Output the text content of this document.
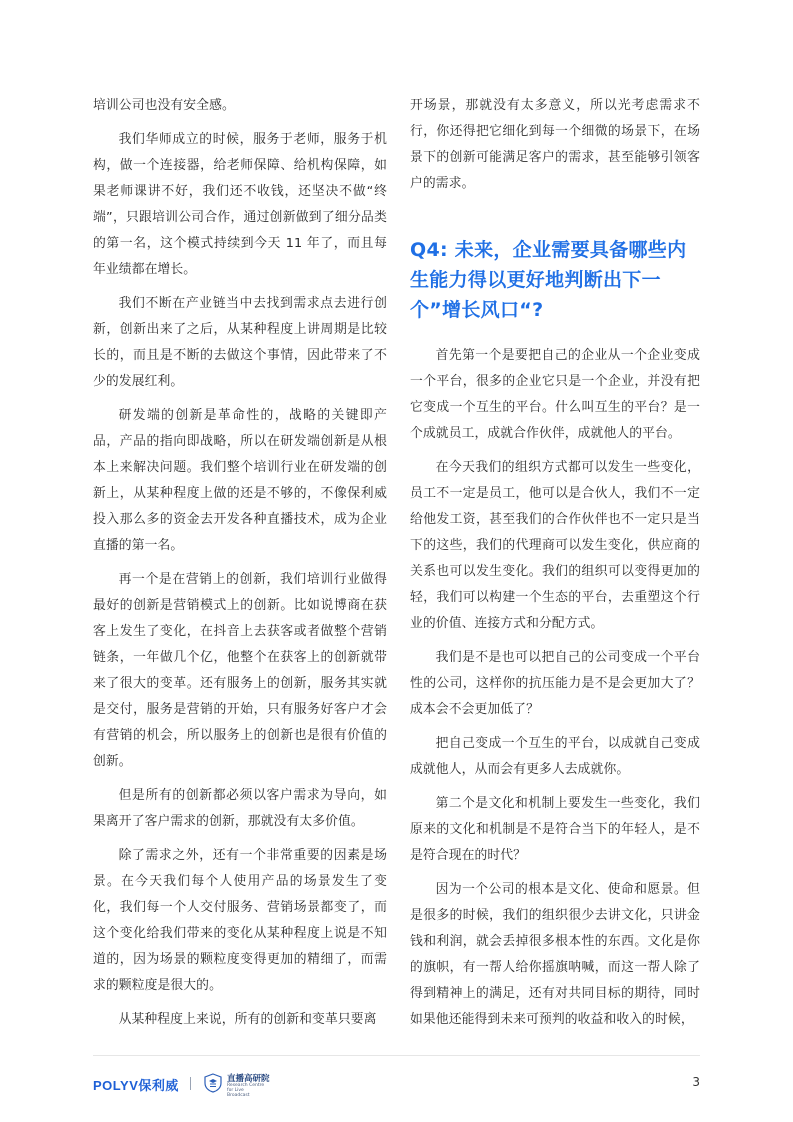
培训公司也没有安全感。

我们华师成立的时候，服务于老师，服务于机构，做一个连接器，给老师保障、给机构保障，如果老师课讲不好，我们还不收钱，还坚决不做“终端”，只跟培训公司合作，通过创新做到了细分品类的第一名，这个模式持续到今天 11 年了，而且每年业绩都在增长。

我们不断在产业链当中去找到需求点去进行创新，创新出来了之后，从某种程度上讲周期是比较长的，而且是不断的去做这个事情，因此带来了不少的发展红利。

研发端的创新是革命性的，战略的关键即产品，产品的指向即战略，所以在研发端创新是从根本上来解决问题。我们整个培训行业在研发端的创新上，从某种程度上做的还是不够的，不像保利威投入那么多的资金去开发各种直播技术，成为企业直播的第一名。

再一个是在营销上的创新，我们培训行业做得最好的创新是营销模式上的创新。比如说博商在获客上发生了变化，在抖音上去获客或者做整个营销链条，一年做几个亿，他整个在获客上的创新就带来了很大的变革。还有服务上的创新，服务其实就是交付，服务是营销的开始，只有服务好客户才会有营销的机会，所以服务上的创新也是很有价值的创新。

但是所有的创新都必须以客户需求为导向，如果离开了客户需求的创新，那就没有太多价值。

除了需求之外，还有一个非常重要的因素是场景。在今天我们每个人使用产品的场景发生了变化，我们每一个人交付服务、营销场景都变了，而这个变化给我们带来的变化从某种程度上说是不知道的，因为场景的颗粒度变得更加的精细了，而需求的颗粒度是很大的。

从某种程度上来说，所有的创新和变革只要离

开场景，那就没有太多意义，所以光考虑需求不行，你还得把它细化到每一个细微的场景下，在场景下的创新可能满足客户的需求，甚至能够引领客户的需求。

Q4: 未来，企业需要具备哪些内生能力得以更好地判断出下一个”增长风口“?

首先第一个是要把自己的企业从一个企业变成一个平台，很多的企业它只是一个企业，并没有把它变成一个互生的平台。什么叫互生的平台？是一个成就员工，成就合作伙伴，成就他人的平台。

在今天我们的组织方式都可以发生一些变化，员工不一定是员工，他可以是合伙人，我们不一定给他发工资，甚至我们的合作伙伴也不一定只是当下的这些，我们的代理商可以发生变化，供应商的关系也可以发生变化。我们的组织可以变得更加的轻，我们可以构建一个生态的平台，去重塑这个行业的价值、连接方式和分配方式。

我们是不是也可以把自己的公司变成一个平台性的公司，这样你的抗压能力是不是会更加大了？成本会不会更加低了？

把自己变成一个互生的平台，以成就自己变成成就他人，从而会有更多人去成就你。

第二个是文化和机制上要发生一些变化，我们原来的文化和机制是不是符合当下的年轻人，是不是符合现在的时代？

因为一个公司的根本是文化、使命和愿景。但是很多的时候，我们的组织很少去讲文化，只讲金钱和利润，就会丢掉很多根本性的东西。文化是你的旗帜，有一帮人给你摇旗呐喊，而这一帮人除了得到精神上的满足，还有对共同目标的期待，同时如果他还能得到未来可预判的收益和收入的时候，

POLYV保利威	直播高研院
Research Centre for Live Broadcast
3
